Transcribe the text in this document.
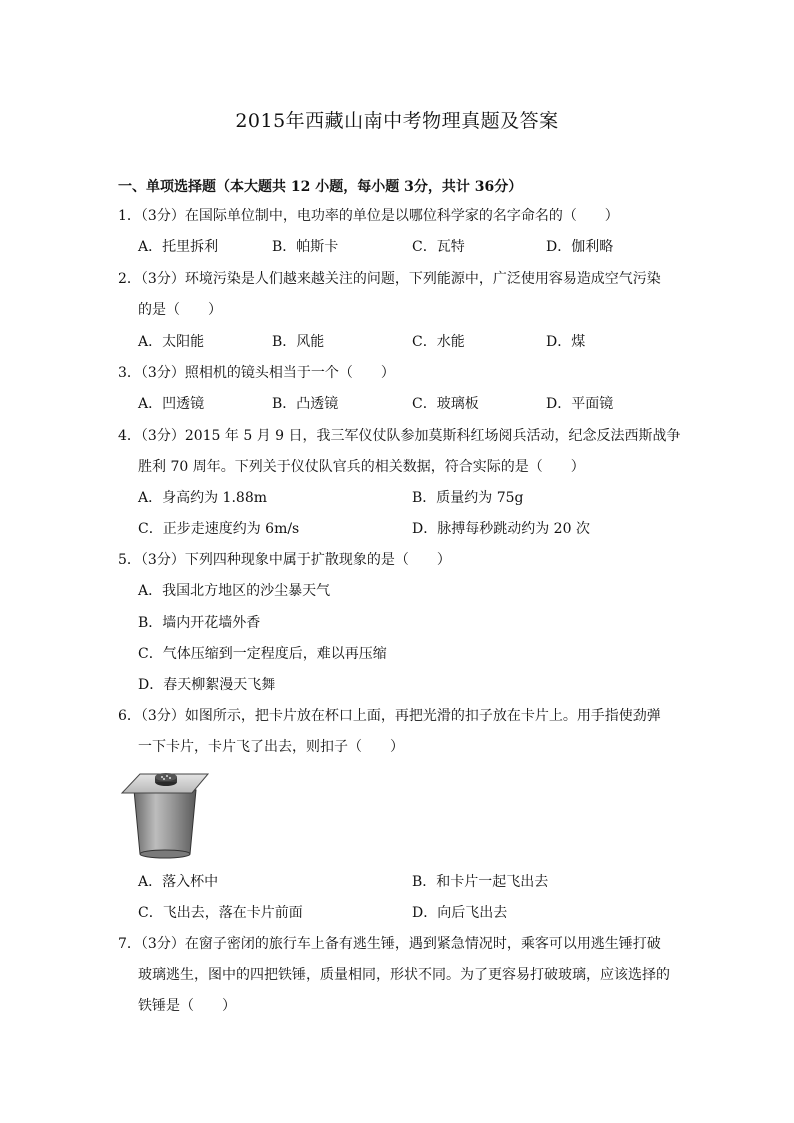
2015年西藏山南中考物理真题及答案
一、单项选择题（本大题共 12 小题，每小题 3分，共计 36分）
1．（3分）在国际单位制中，电功率的单位是以哪位科学家的名字命名的（　　）
A．托里拆利	B．帕斯卡	C．瓦特	D．伽利略
2．（3分）环境污染是人们越来越关注的问题，下列能源中，广泛使用容易造成空气污染
的是（　　）
A．太阳能	B．风能	C．水能	D．煤
3．（3分）照相机的镜头相当于一个（　　）
A．凹透镜	B．凸透镜	C．玻璃板	D．平面镜
4．（3分）2015 年 5 月 9 日，我三军仪仗队参加莫斯科红场阅兵活动，纪念反法西斯战争
胜利 70 周年。下列关于仪仗队官兵的相关数据，符合实际的是（　　）
A．身高约为 1.88m	B．质量约为 75g
C．正步走速度约为 6m/s	D．脉搏每秒跳动约为 20 次
5．（3分）下列四种现象中属于扩散现象的是（　　）
A．我国北方地区的沙尘暴天气
B．墙内开花墙外香
C．气体压缩到一定程度后，难以再压缩
D．春天柳絮漫天飞舞
6．（3分）如图所示，把卡片放在杯口上面，再把光滑的扣子放在卡片上。用手指使劲弹
一下卡片，卡片飞了出去，则扣子（　　）
A．落入杯中	B．和卡片一起飞出去
C．飞出去，落在卡片前面	D．向后飞出去
7．（3分）在窗子密闭的旅行车上备有逃生锤，遇到紧急情况时，乘客可以用逃生锤打破
玻璃逃生，图中的四把铁锤，质量相同，形状不同。为了更容易打破玻璃，应该选择的
铁锤是（　　）
